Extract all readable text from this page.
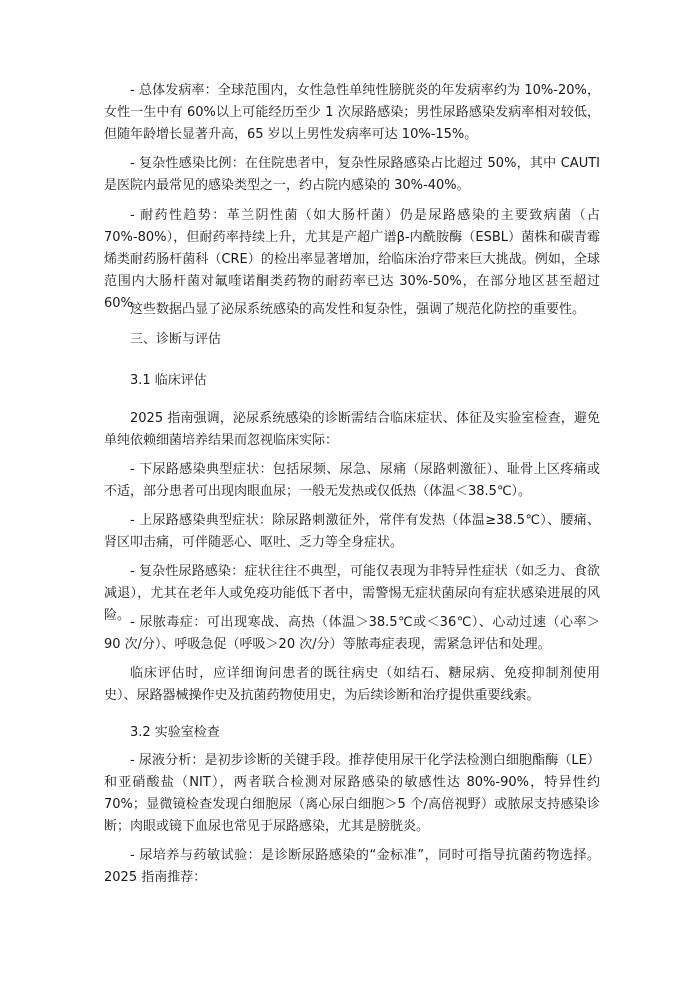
- 总体发病率：全球范围内，女性急性单纯性膀胱炎的年发病率约为 10%-20%，女性一生中有 60%以上可能经历至少 1 次尿路感染；男性尿路感染发病率相对较低，但随年龄增长显著升高，65 岁以上男性发病率可达 10%-15%。

- 复杂性感染比例：在住院患者中，复杂性尿路感染占比超过 50%，其中 CAUTI 是医院内最常见的感染类型之一，约占院内感染的 30%-40%。

- 耐药性趋势：革兰阴性菌（如大肠杆菌）仍是尿路感染的主要致病菌（占 70%-80%），但耐药率持续上升，尤其是产超广谱β-内酰胺酶（ESBL）菌株和碳青霉烯类耐药肠杆菌科（CRE）的检出率显著增加，给临床治疗带来巨大挑战。例如，全球范围内大肠杆菌对氟喹诺酮类药物的耐药率已达 30%-50%，在部分地区甚至超过 60%。

这些数据凸显了泌尿系统感染的高发性和复杂性，强调了规范化防控的重要性。

三、诊断与评估

3.1 临床评估

2025 指南强调，泌尿系统感染的诊断需结合临床症状、体征及实验室检查，避免单纯依赖细菌培养结果而忽视临床实际：

- 下尿路感染典型症状：包括尿频、尿急、尿痛（尿路刺激征）、耻骨上区疼痛或不适，部分患者可出现肉眼血尿；一般无发热或仅低热（体温＜38.5℃）。

- 上尿路感染典型症状：除尿路刺激征外，常伴有发热（体温≥38.5℃）、腰痛、肾区叩击痛，可伴随恶心、呕吐、乏力等全身症状。

- 复杂性尿路感染：症状往往不典型，可能仅表现为非特异性症状（如乏力、食欲减退），尤其在老年人或免疫功能低下者中，需警惕无症状菌尿向有症状感染进展的风险。 - 尿脓毒症：可出现寒战、高热（体温＞38.5℃或＜36℃）、心动过速（心率＞90 次/分）、呼吸急促（呼吸＞20 次/分）等脓毒症表现，需紧急评估和处理。

临床评估时，应详细询问患者的既往病史（如结石、糖尿病、免疫抑制剂使用史）、尿路器械操作史及抗菌药物使用史，为后续诊断和治疗提供重要线索。

3.2 实验室检查

- 尿液分析：是初步诊断的关键手段。推荐使用尿干化学法检测白细胞酯酶（LE）和亚硝酸盐（NIT），两者联合检测对尿路感染的敏感性达 80%-90%，特异性约 70%；显微镜检查发现白细胞尿（离心尿白细胞＞5 个/高倍视野）或脓尿支持感染诊断；肉眼或镜下血尿也常见于尿路感染，尤其是膀胱炎。

- 尿培养与药敏试验：是诊断尿路感染的“金标准”，同时可指导抗菌药物选择。2025 指南推荐：
